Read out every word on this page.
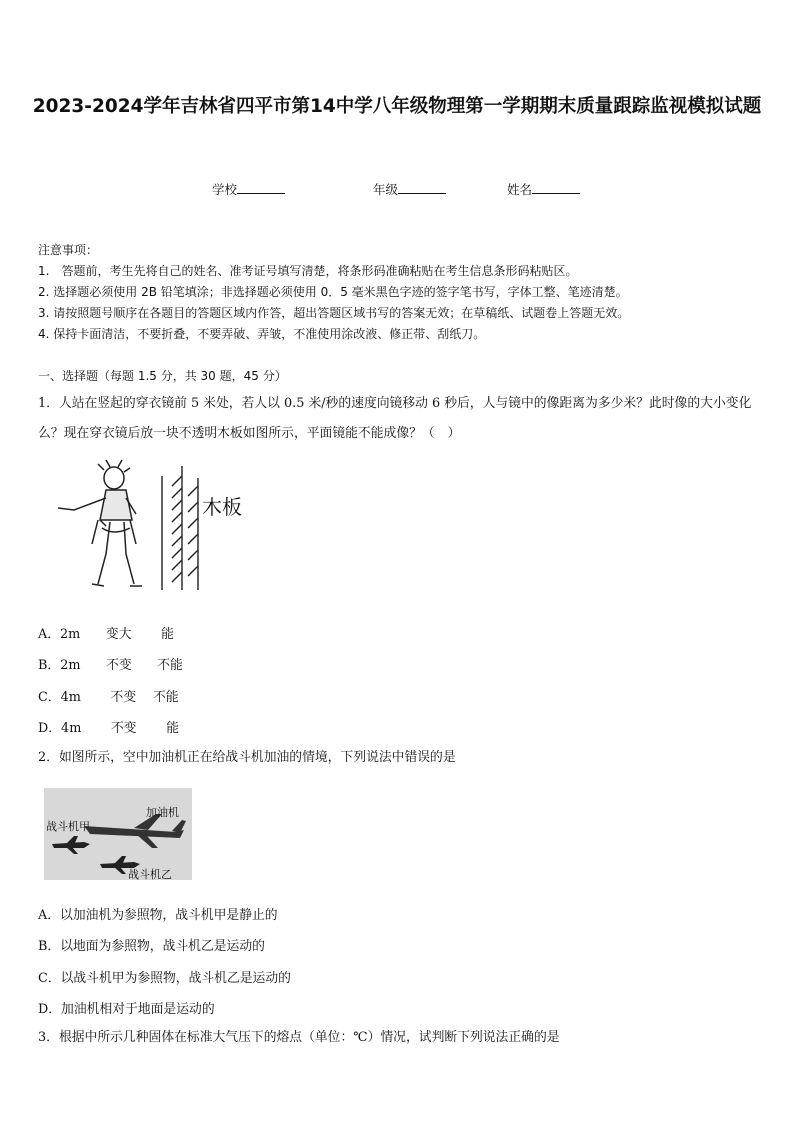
2023-2024学年吉林省四平市第14中学八年级物理第一学期期末质量跟踪监视模拟试题
学校	年级	姓名
注意事项：
1.　答题前，考生先将自己的姓名、准考证号填写清楚，将条形码准确粘贴在考生信息条形码粘贴区。
2. 选择题必须使用 2B 铅笔填涂；非选择题必须使用 0．5 毫米黑色字迹的签字笔书写，字体工整、笔迹清楚。
3. 请按照题号顺序在各题目的答题区域内作答，超出答题区域书写的答案无效；在草稿纸、试题卷上答题无效。
4. 保持卡面清洁，不要折叠，不要弄破、弄皱，不准使用涂改液、修正带、刮纸刀。
一、选择题（每题 1.5 分，共 30 题，45 分）
1．人站在竖起的穿衣镜前 5 米处，若人以 0.5 米/秒的速度向镜移动 6 秒后，人与镜中的像距离为多少米？此时像的大小变化么？现在穿衣镜后放一块不透明木板如图所示，平面镜能不能成像？（　）
木板
A．2m　　变大　　 能
B．2m　　不变　　不能
C．4m　　 不变　 不能
D．4m　　 不变　　 能
2．如图所示，空中加油机正在给战斗机加油的情境，下列说法中错误的是
加油机
战斗机甲
战斗机乙
A．以加油机为参照物，战斗机甲是静止的
B．以地面为参照物，战斗机乙是运动的
C．以战斗机甲为参照物，战斗机乙是运动的
D．加油机相对于地面是运动的
3．根据中所示几种固体在标准大气压下的熔点（单位：℃）情况，试判断下列说法正确的是
